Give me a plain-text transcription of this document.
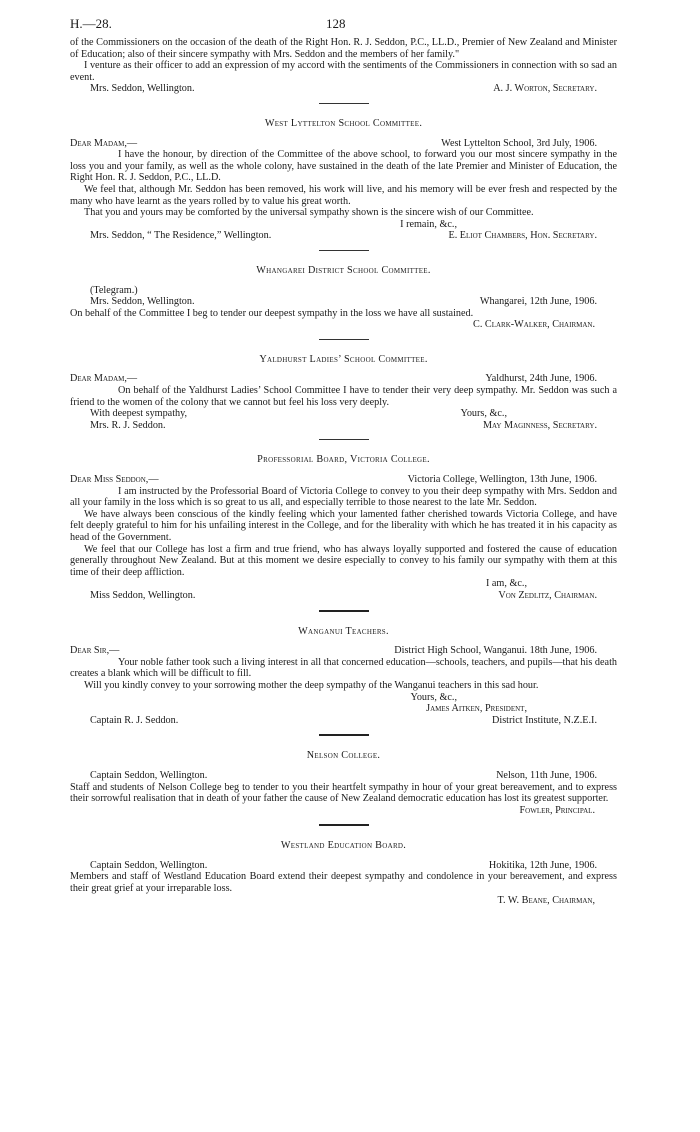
H.—28.	128

of the Commissioners on the occasion of the death of the Right Hon. R. J. Seddon, P.C., LL.D., Premier of New Zealand and Minister of Education; also of their sincere sympathy with Mrs. Seddon and the members of her family."

I venture as their officer to add an expression of my accord with the sentiments of the Commissioners in connection with so sad an event.

Mrs. Seddon, Wellington.	A. J. Worton, Secretary.
West Lyttelton School Committee.
Dear Madam,—	West Lyttelton School, 3rd July, 1906.

I have the honour, by direction of the Committee of the above school, to forward you our most sincere sympathy in the loss you and your family, as well as the whole colony, have sustained in the death of the late Premier and Minister of Education, the Right Hon. R. J. Seddon, P.C., LL.D.

We feel that, although Mr. Seddon has been removed, his work will live, and his memory will be ever fresh and respected by the many who have learnt as the years rolled by to value his great worth.

That you and yours may be comforted by the universal sympathy shown is the sincere wish of our Committee.

I remain, &c.,
Mrs. Seddon, “ The Residence,” Wellington.	E. Eliot Chambers, Hon. Secretary.
Whangarei District School Committee.

(Telegram.)

Mrs. Seddon, Wellington.	Whangarei, 12th June, 1906.

On behalf of the Committee I beg to tender our deepest sympathy in the loss we have all sustained.

C. Clark-Walker, Chairman.
Yaldhurst Ladies’ School Committee.
Dear Madam,—	Yaldhurst, 24th June, 1906.

On behalf of the Yaldhurst Ladies’ School Committee I have to tender their very deep sympathy. Mr. Seddon was such a friend to the women of the colony that we cannot but feel his loss very deeply.

With deepest sympathy,	Yours, &c.,
Mrs. R. J. Seddon.	May Maginness, Secretary.
Professorial Board, Victoria College.
Dear Miss Seddon,—	Victoria College, Wellington, 13th June, 1906.

I am instructed by the Professorial Board of Victoria College to convey to you their deep sympathy with Mrs. Seddon and all your family in the loss which is so great to us all, and especially terrible to those nearest to the late Mr. Seddon.

We have always been conscious of the kindly feeling which your lamented father cherished towards Victoria College, and have felt deeply grateful to him for his unfailing interest in the College, and for the liberality with which he has treated it in his capacity as head of the Government.

We feel that our College has lost a firm and true friend, who has always loyally supported and fostered the cause of education generally throughout New Zealand. But at this moment we desire especially to convey to his family our sympathy with them at this time of their deep affliction.

I am, &c.,
Miss Seddon, Wellington.	Von Zedlitz, Chairman.
Wanganui Teachers.
Dear Sir,—	District High School, Wanganui. 18th June, 1906.

Your noble father took such a living interest in all that concerned education—schools, teachers, and pupils—that his death creates a blank which will be difficult to fill.

Will you kindly convey to your sorrowing mother the deep sympathy of the Wanganui teachers in this sad hour.

Yours, &c.,
James Aitken, President,
Captain R. J. Seddon.	District Institute, N.Z.E.I.
Nelson College.
Captain Seddon, Wellington.	Nelson, 11th June, 1906.

Staff and students of Nelson College beg to tender to you their heartfelt sympathy in hour of your great bereavement, and to express their sorrowful realisation that in death of your father the cause of New Zealand democratic education has lost its greatest supporter.

Fowler, Principal.
Westland Education Board.
Captain Seddon, Wellington.	Hokitika, 12th June, 1906.

Members and staff of Westland Education Board extend their deepest sympathy and condolence in your bereavement, and express their great grief at your irreparable loss.

T. W. Beane, Chairman,
